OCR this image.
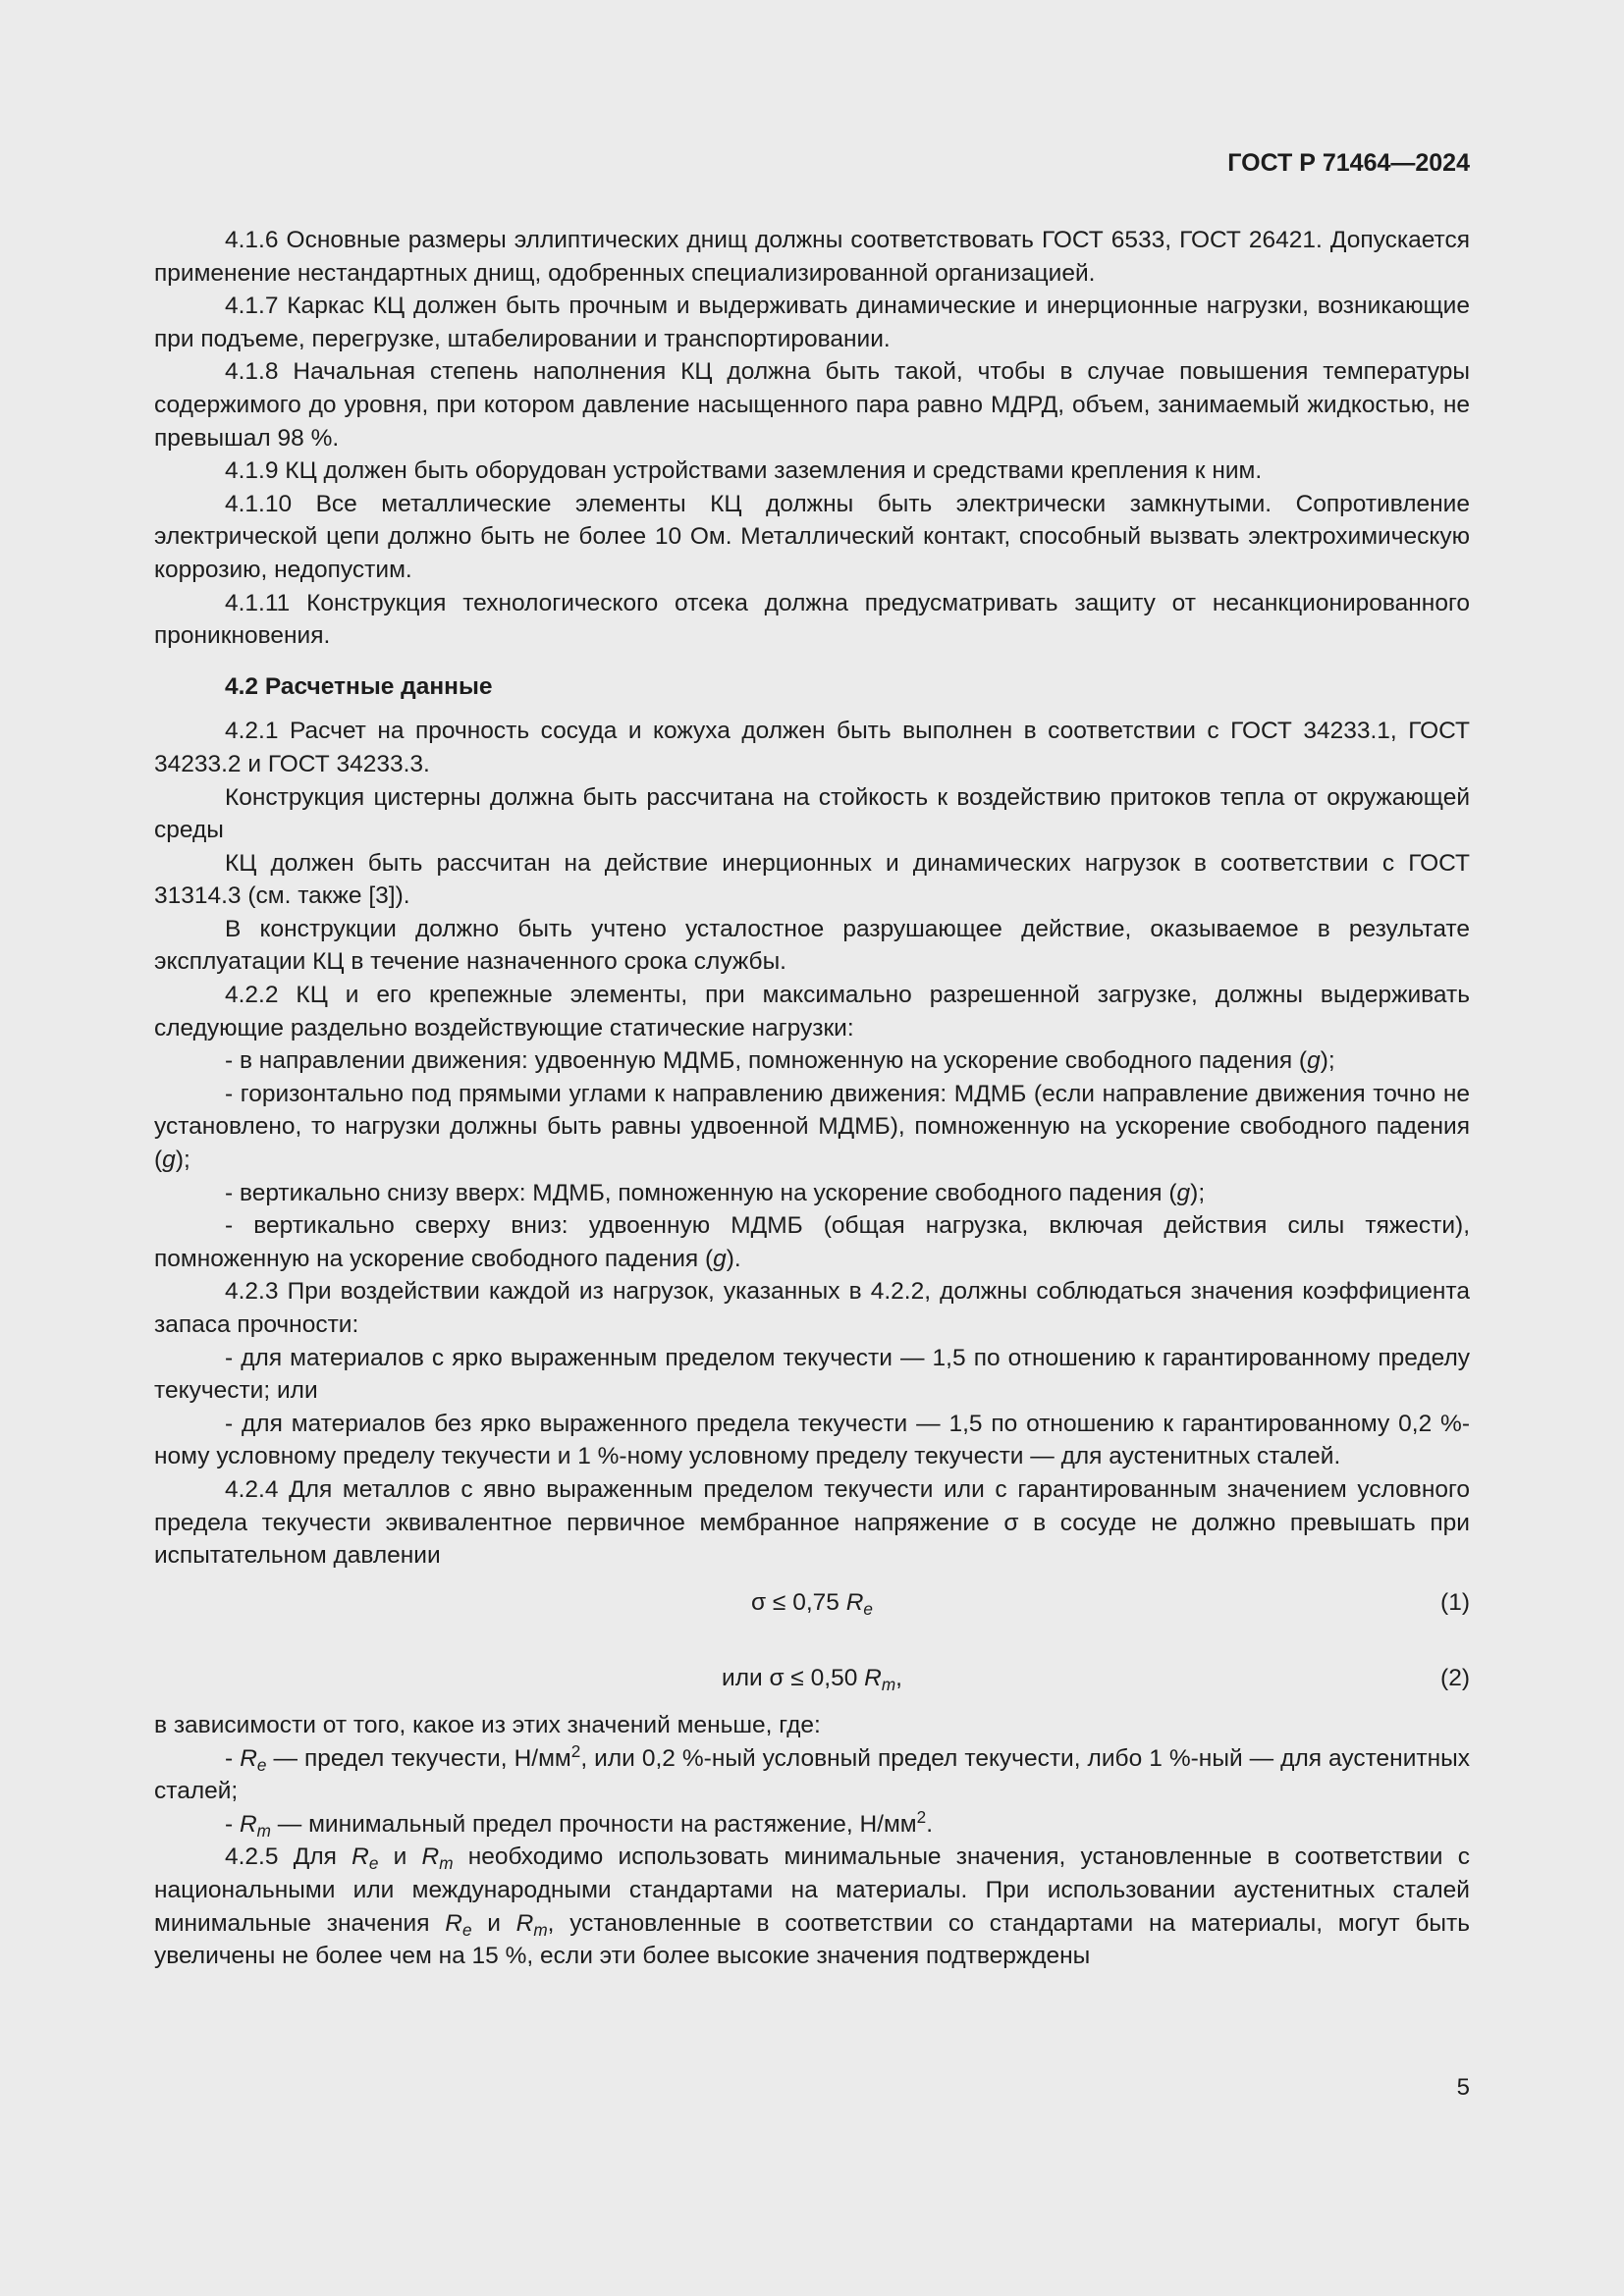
ГОСТ Р 71464—2024

4.1.6 Основные размеры эллиптических днищ должны соответствовать ГОСТ 6533, ГОСТ 26421. Допускается применение нестандартных днищ, одобренных специализированной организацией.

4.1.7 Каркас КЦ должен быть прочным и выдерживать динамические и инерционные нагрузки, возникающие при подъеме, перегрузке, штабелировании и транспортировании.

4.1.8 Начальная степень наполнения КЦ должна быть такой, чтобы в случае повышения температуры содержимого до уровня, при котором давление насыщенного пара равно МДРД, объем, занимаемый жидкостью, не превышал 98 %.

4.1.9 КЦ должен быть оборудован устройствами заземления и средствами крепления к ним.

4.1.10 Все металлические элементы КЦ должны быть электрически замкнутыми. Сопротивление электрической цепи должно быть не более 10 Ом. Металлический контакт, способный вызвать электрохимическую коррозию, недопустим.

4.1.11 Конструкция технологического отсека должна предусматривать защиту от несанкционированного проникновения.

4.2 Расчетные данные

4.2.1 Расчет на прочность сосуда и кожуха должен быть выполнен в соответствии с ГОСТ 34233.1, ГОСТ 34233.2 и ГОСТ 34233.3.

Конструкция цистерны должна быть рассчитана на стойкость к воздействию притоков тепла от окружающей среды

КЦ должен быть рассчитан на действие инерционных и динамических нагрузок в соответствии с ГОСТ 31314.3 (см. также [3]).

В конструкции должно быть учтено усталостное разрушающее действие, оказываемое в результате эксплуатации КЦ в течение назначенного срока службы.

4.2.2 КЦ и его крепежные элементы, при максимально разрешенной загрузке, должны выдерживать следующие раздельно воздействующие статические нагрузки:

- в направлении движения: удвоенную МДМБ, помноженную на ускорение свободного падения (g);

- горизонтально под прямыми углами к направлению движения: МДМБ (если направление движения точно не установлено, то нагрузки должны быть равны удвоенной МДМБ), помноженную на ускорение свободного падения (g);

- вертикально снизу вверх: МДМБ, помноженную на ускорение свободного падения (g);

- вертикально сверху вниз: удвоенную МДМБ (общая нагрузка, включая действия силы тяжести), помноженную на ускорение свободного падения (g).

4.2.3 При воздействии каждой из нагрузок, указанных в 4.2.2, должны соблюдаться значения коэффициента запаса прочности:

- для материалов с ярко выраженным пределом текучести — 1,5 по отношению к гарантированному пределу текучести; или

- для материалов без ярко выраженного предела текучести — 1,5 по отношению к гарантированному 0,2 %-ному условному пределу текучести и 1 %-ному условному пределу текучести — для аустенитных сталей.

4.2.4 Для металлов с явно выраженным пределом текучести или с гарантированным значением условного предела текучести эквивалентное первичное мембранное напряжение σ в сосуде не должно превышать при испытательном давлении

σ ≤ 0,75 $R_e$	(1)
или σ ≤ 0,50 $R_m$,	(2)

в зависимости от того, какое из этих значений меньше, где:

- $R_e$ — предел текучести, $Н/мм^2$, или 0,2 %-ный условный предел текучести, либо 1 %-ный — для аустенитных сталей;

- $R_m$ — минимальный предел прочности на растяжение, $Н/мм^2$.

4.2.5 Для $R_e$ и $R_m$ необходимо использовать минимальные значения, установленные в соответствии с национальными или международными стандартами на материалы. При использовании аустенитных сталей минимальные значения $R_e$ и $R_m$, установленные в соответствии со стандартами на материалы, могут быть увеличены не более чем на 15 %, если эти более высокие значения подтверждены

5
